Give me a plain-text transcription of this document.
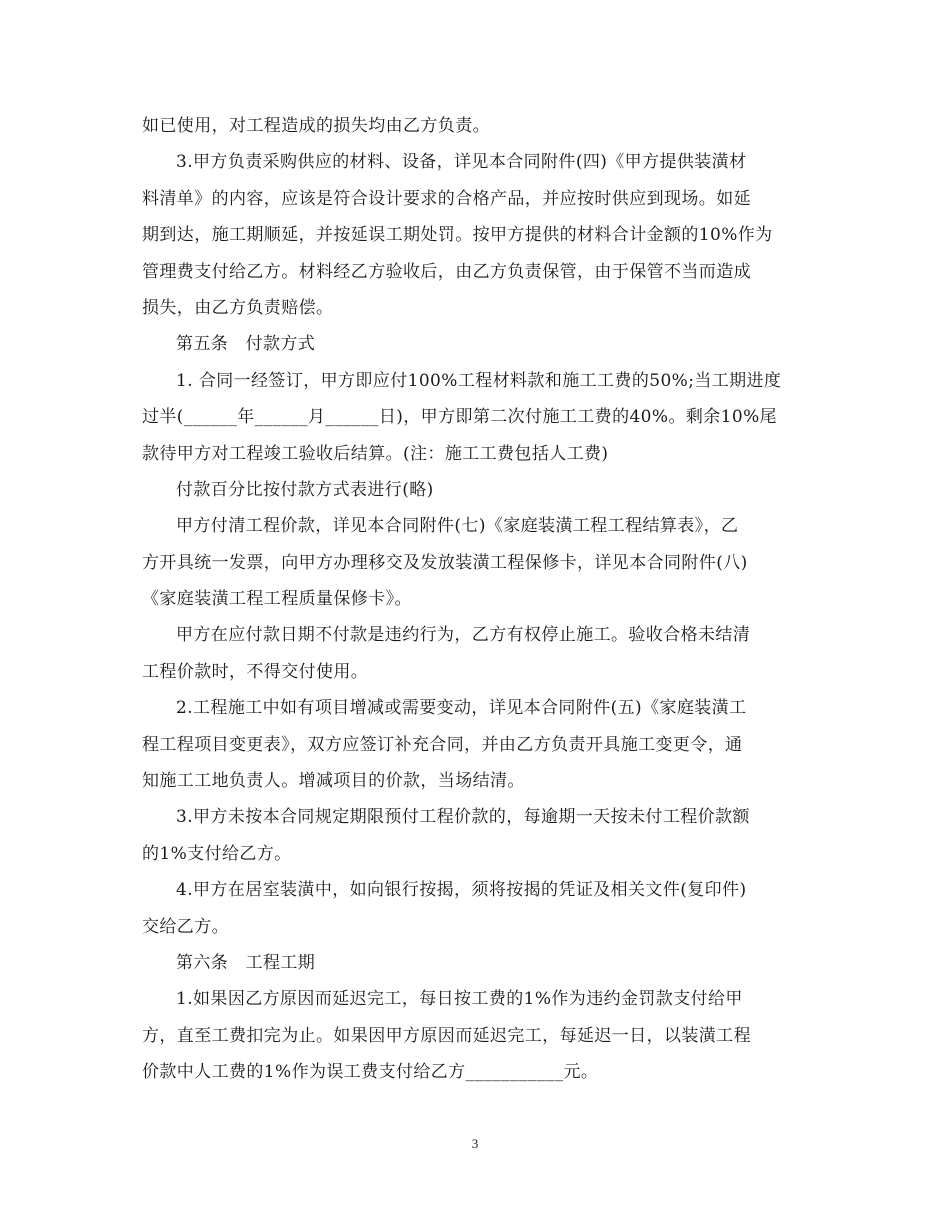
如已使用，对工程造成的损失均由乙方负责。
3.甲方负责采购供应的材料、设备，详见本合同附件(四)《甲方提供装潢材
料清单》的内容，应该是符合设计要求的合格产品，并应按时供应到现场。如延
期到达，施工期顺延，并按延误工期处罚。按甲方提供的材料合计金额的10%作为
管理费支付给乙方。材料经乙方验收后，由乙方负责保管，由于保管不当而造成
损失，由乙方负责赔偿。
第五条　付款方式
1. 合同一经签订，甲方即应付100%工程材料款和施工工费的50%;当工期进度
过半(______年______月______日)，甲方即第二次付施工工费的40%。剩余10%尾
款待甲方对工程竣工验收后结算。(注：施工工费包括人工费)
付款百分比按付款方式表进行(略)
甲方付清工程价款，详见本合同附件(七)《家庭装潢工程工程结算表》，乙
方开具统一发票，向甲方办理移交及发放装潢工程保修卡，详见本合同附件(八)
《家庭装潢工程工程质量保修卡》。
甲方在应付款日期不付款是违约行为，乙方有权停止施工。验收合格未结清
工程价款时，不得交付使用。
2.工程施工中如有项目增减或需要变动，详见本合同附件(五)《家庭装潢工
程工程项目变更表》，双方应签订补充合同，并由乙方负责开具施工变更令，通
知施工工地负责人。增减项目的价款，当场结清。
3.甲方未按本合同规定期限预付工程价款的，每逾期一天按未付工程价款额
的1%支付给乙方。
4.甲方在居室装潢中，如向银行按揭，须将按揭的凭证及相关文件(复印件)
交给乙方。
第六条　工程工期
1.如果因乙方原因而延迟完工，每日按工费的1%作为违约金罚款支付给甲
方，直至工费扣完为止。如果因甲方原因而延迟完工，每延迟一日，以装潢工程
价款中人工费的1%作为误工费支付给乙方___________元。
3
